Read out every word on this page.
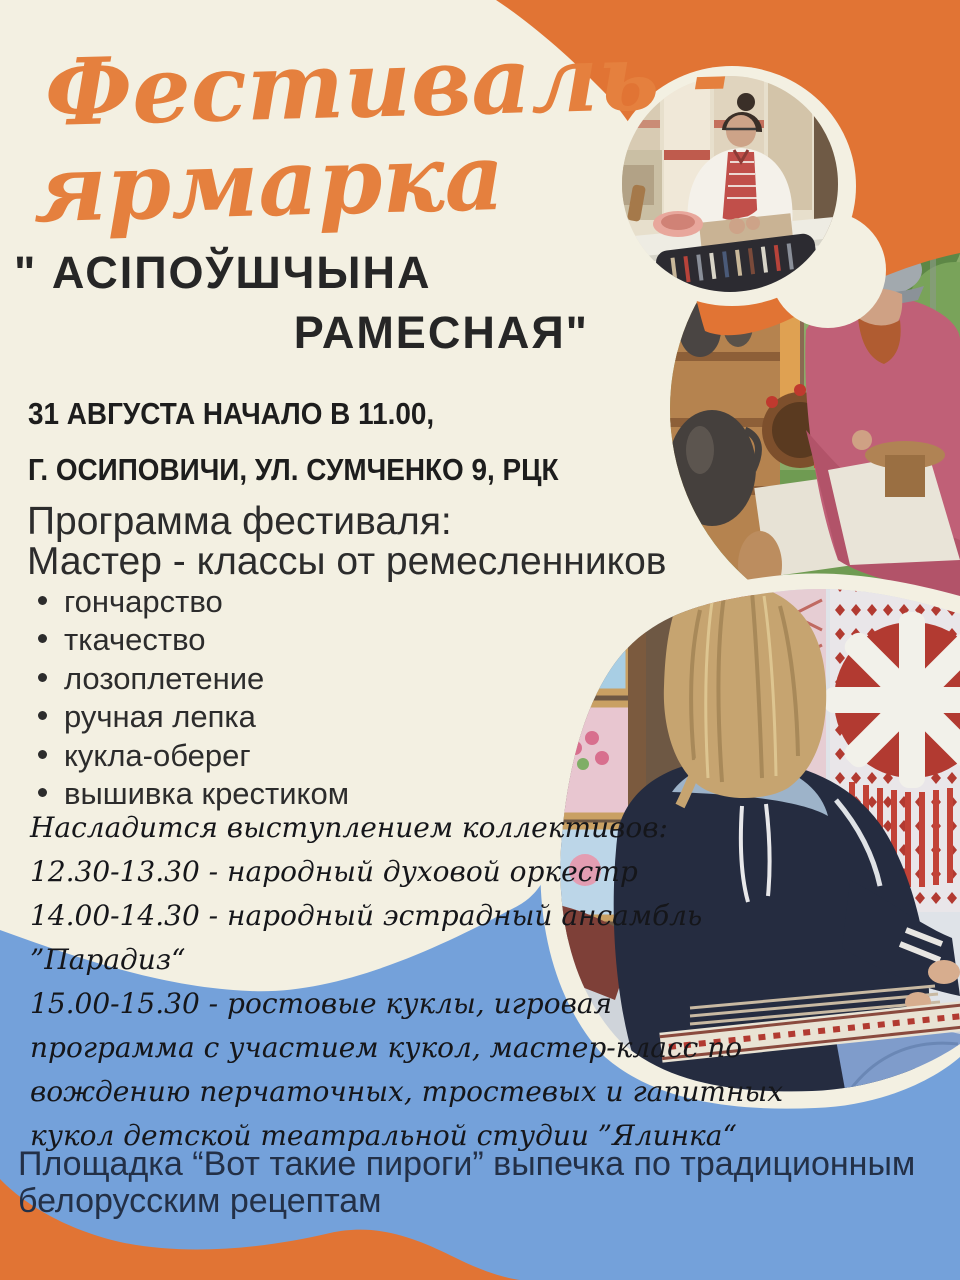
Фестиваль -
ярмарка
" АСІПОЎШЧЫНА
РАМЕСНАЯ"
31 АВГУСТА НАЧАЛО В 11.00,
Г. ОСИПОВИЧИ, УЛ. СУМЧЕНКО 9, РЦК
Программа фестиваля:
Мастер - классы от ремесленников
гончарство
ткачество
лозоплетение
ручная лепка
кукла-оберег
вышивка крестиком
Насладится выступлением коллективов:
12.30-13.30 - народный духовой оркестр
14.00-14.30 - народный эстрадный ансамбль
”Парадиз“
15.00-15.30 - ростовые куклы, игровая
программа с участием кукол, мастер-класс по
вождению перчаточных, тростевых и гапитных
кукол детской театральной студии ”Ялинка“
Площадка “Вот такие пироги” выпечка по традиционным
белорусским рецептам
